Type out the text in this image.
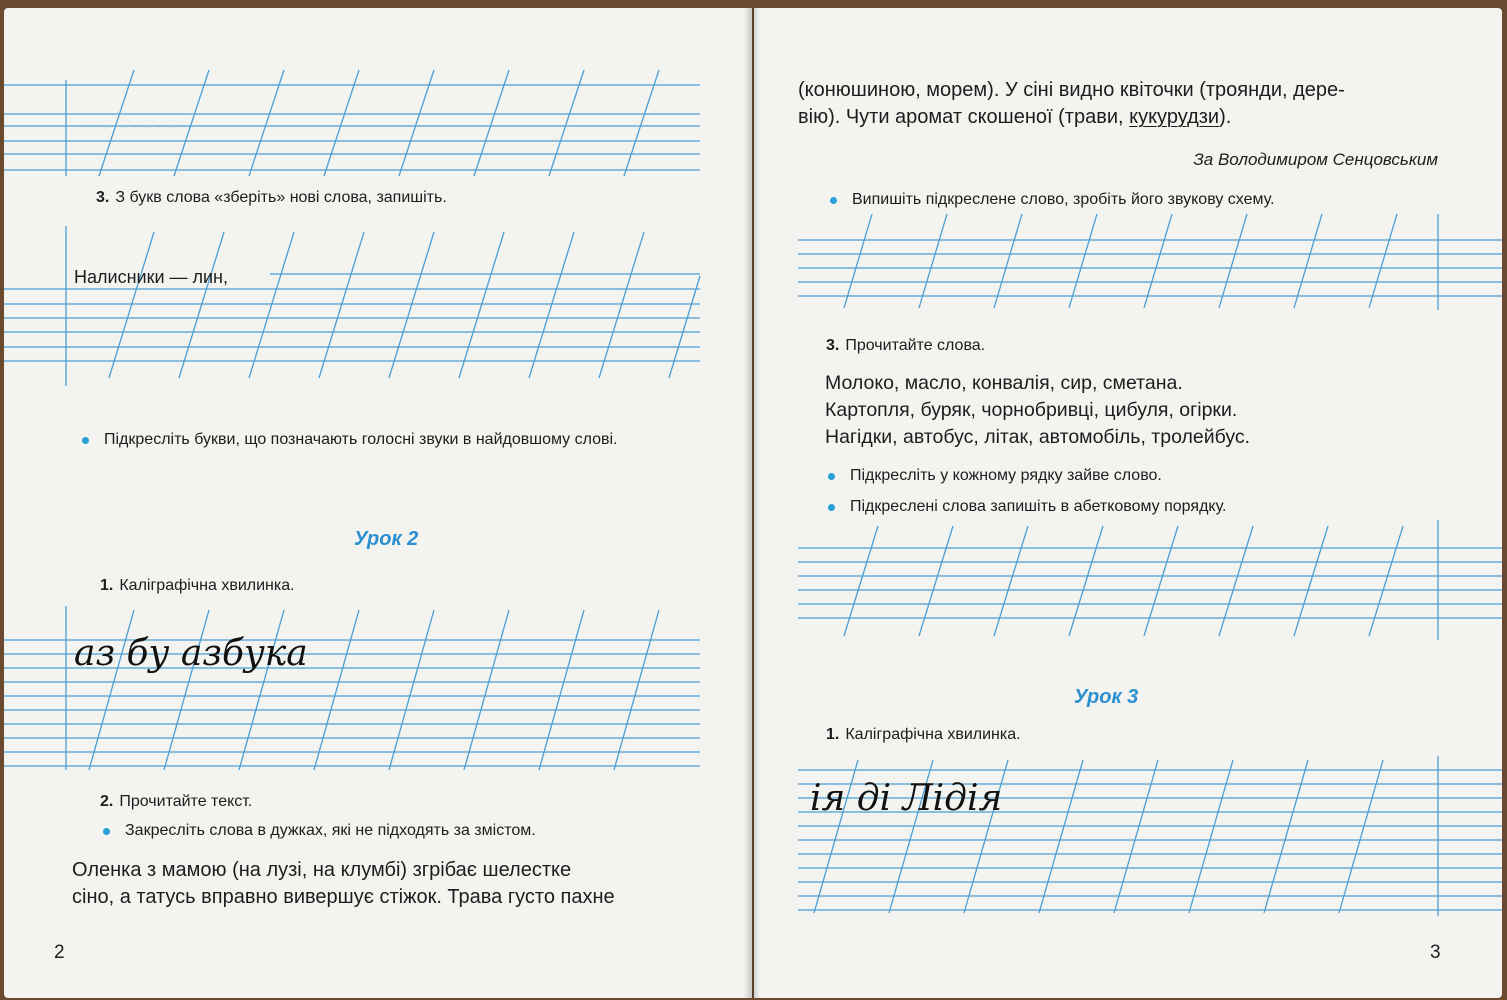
··· ····· ···· ·······
3. З букв слова «зберіть» нові слова, запишіть.
Налисники — лин,
Підкресліть букви, що позначають голосні звуки в найдовшому слові.
Урок 2
1. Каліграфічна хвилинка.
аз бу азбука
2. Прочитайте текст.
Закресліть слова в дужках, які не підходять за змістом.
Оленка з мамою (на лузі, на клумбі) згрібає шелестке
сіно, а татусь вправно вивершує стіжок. Трава густо пахне
2
(конюшиною, морем). У сіні видно квіточки (троянди, дере-
вію). Чути аромат скошеної (трави, кукурудзи).
За Володимиром Сенцовським
Випишіть підкреслене слово, зробіть його звукову схему.
3. Прочитайте слова.
Молоко, масло, конвалія, сир, сметана.
Картопля, буряк, чорнобривці, цибуля, огірки.
Нагідки, автобус, літак, автомобіль, тролейбус.
Підкресліть у кожному рядку зайве слово.
Підкреслені слова запишіть в абетковому порядку.
Урок 3
1. Каліграфічна хвилинка.
ія ді Лідія
3
